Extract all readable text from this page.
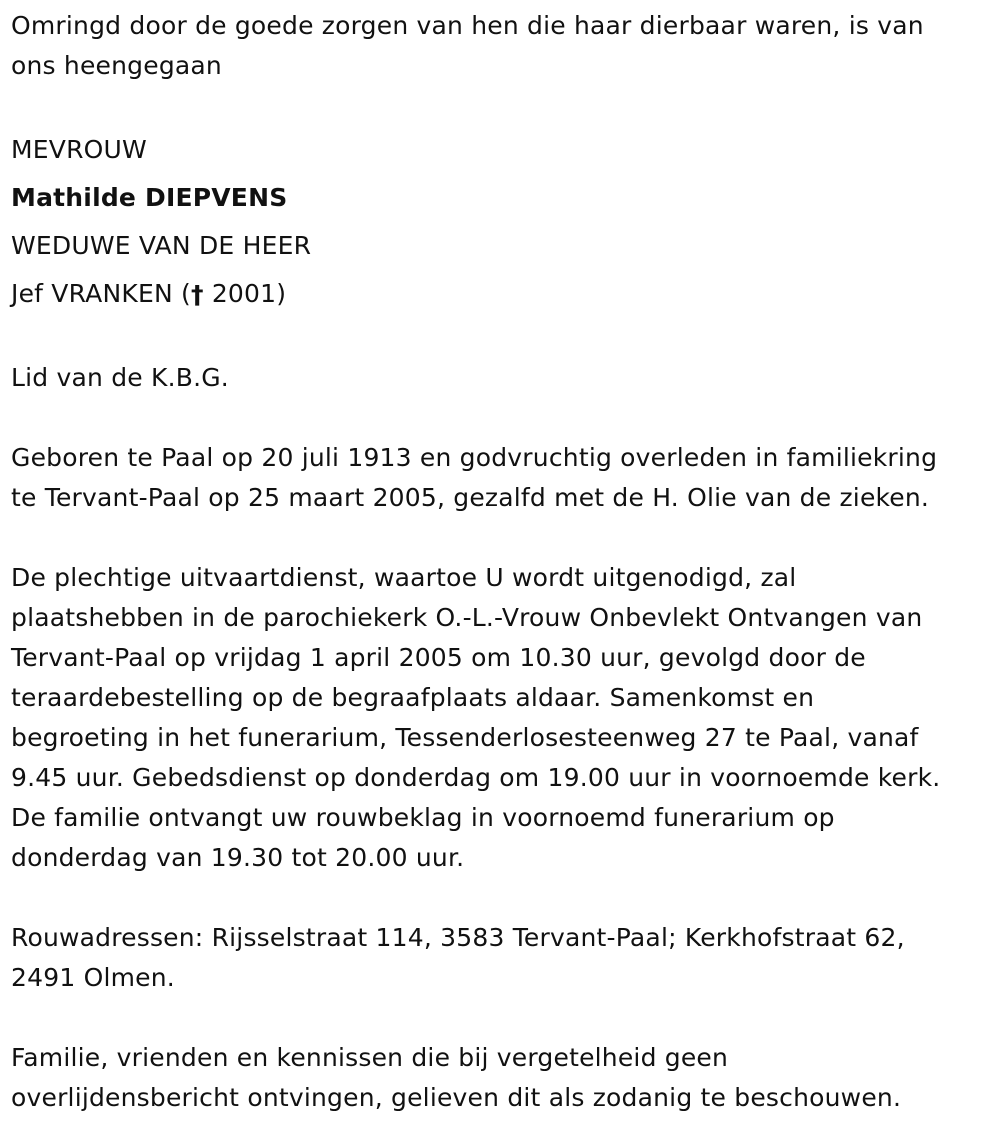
Omringd door de goede zorgen van hen die haar dierbaar waren, is van
ons heengegaan
MEVROUW
Mathilde DIEPVENS
WEDUWE VAN DE HEER
Jef VRANKEN († 2001)
Lid van de K.B.G.
Geboren te Paal op 20 juli 1913 en godvruchtig overleden in familiekring
te Tervant-Paal op 25 maart 2005, gezalfd met de H. Olie van de zieken.
De plechtige uitvaartdienst, waartoe U wordt uitgenodigd, zal
plaatshebben in de parochiekerk O.-L.-Vrouw Onbevlekt Ontvangen van
Tervant-Paal op vrijdag 1 april 2005 om 10.30 uur, gevolgd door de
teraardebestelling op de begraafplaats aldaar. Samenkomst en
begroeting in het funerarium, Tessenderlosesteenweg 27 te Paal, vanaf
9.45 uur. Gebedsdienst op donderdag om 19.00 uur in voornoemde kerk.
De familie ontvangt uw rouwbeklag in voornoemd funerarium op
donderdag van 19.30 tot 20.00 uur.
Rouwadressen: Rijsselstraat 114, 3583 Tervant-Paal; Kerkhofstraat 62,
2491 Olmen.
Familie, vrienden en kennissen die bij vergetelheid geen
overlijdensbericht ontvingen, gelieven dit als zodanig te beschouwen.
